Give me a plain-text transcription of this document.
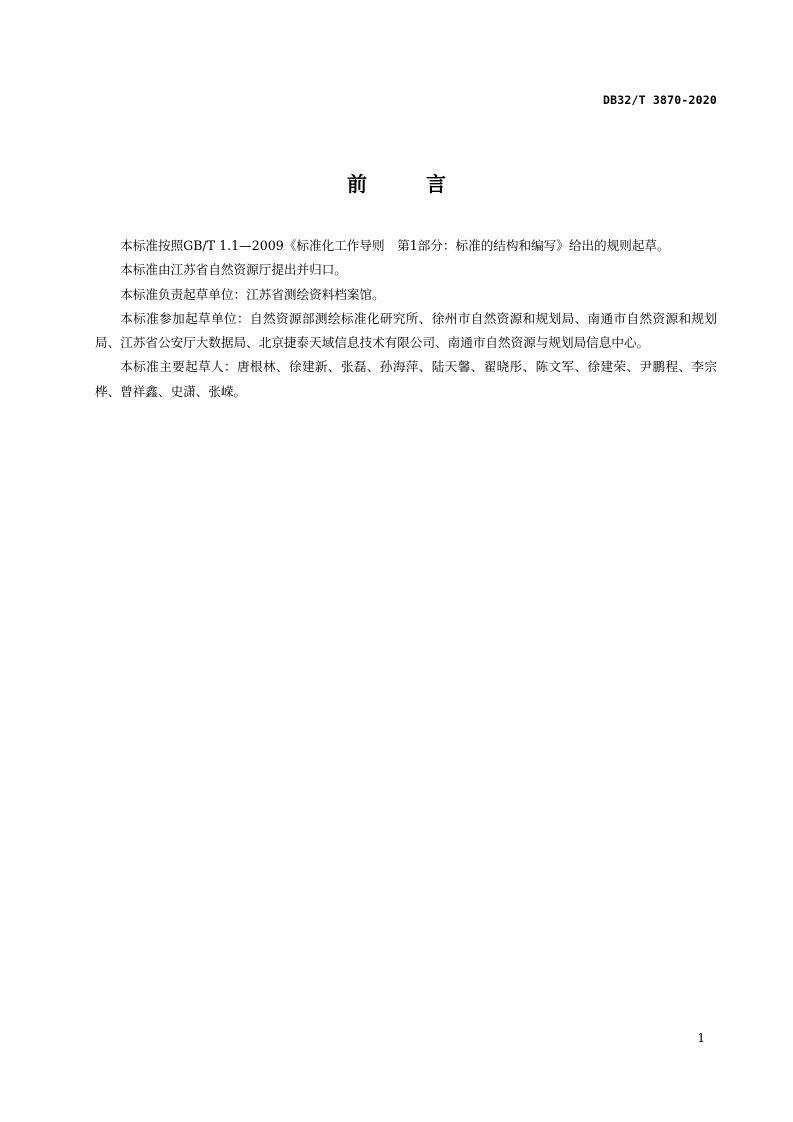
DB32/T 3870-2020
前 言

本标准按照GB/T 1.1—2009《标准化工作导则　第1部分：标准的结构和编写》给出的规则起草。

本标准由江苏省自然资源厅提出并归口。

本标准负责起草单位：江苏省测绘资料档案馆。

本标准参加起草单位：自然资源部测绘标准化研究所、徐州市自然资源和规划局、南通市自然资源和规划局、江苏省公安厅大数据局、北京捷泰天域信息技术有限公司、南通市自然资源与规划局信息中心。

本标准主要起草人：唐根林、徐建新、张磊、孙海萍、陆天馨、翟晓彤、陈文军、徐建荣、尹鹏程、李宗桦、曾祥鑫、史潇、张嵘。

1
